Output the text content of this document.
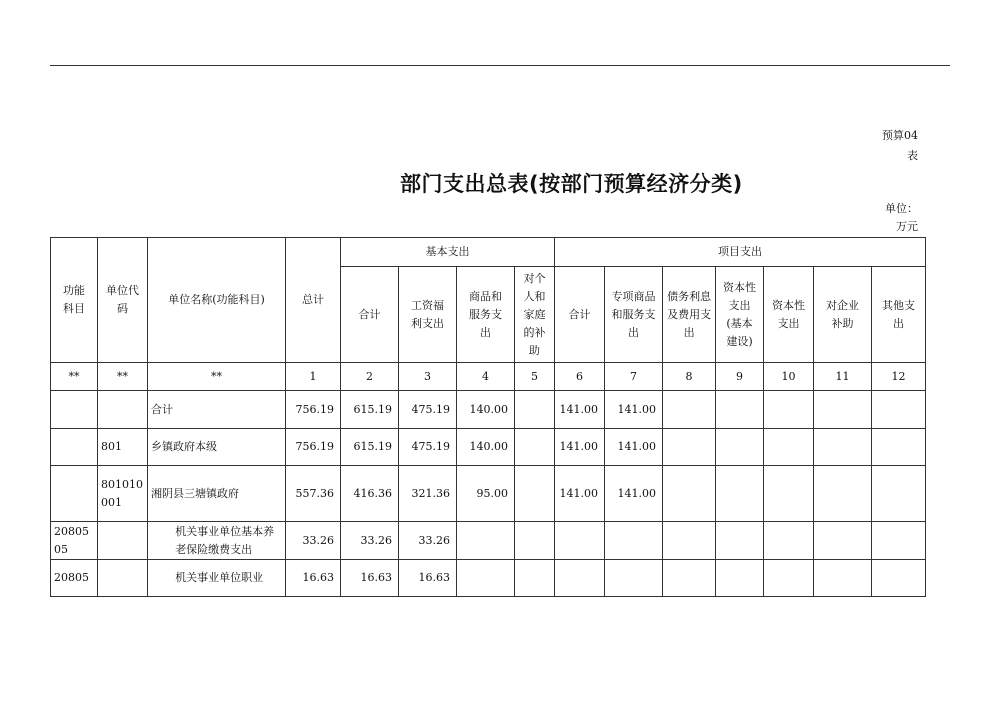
预算04
表
部门支出总表(按部门预算经济分类)
单位：
万元
功能科目	单位代码	单位名称(功能科目)	总计	基本支出				项目支出						
				合计	工资福利支出	商品和服务支出	对个人和家庭的补助	合计	专项商品和服务支出	债务利息及费用支出	资本性支出(基本建设)	资本性支出	对企业补助	其他支出

**	**	**	1	2	3	4	5	6	7	8	9	10	11	12
		合计	756.19	615.19	475.19	140.00		141.00	141.00					
	801	乡镇政府本级	756.19	615.19	475.19	140.00		141.00	141.00					

	801010001	湘阴县三塘镇政府	557.36	416.36	321.36	95.00		141.00	141.00					

2080505		机关事业单位基本养老保险缴费支出	33.26	33.26	33.26									
20805		机关事业单位职业	16.63	16.63	16.63									
